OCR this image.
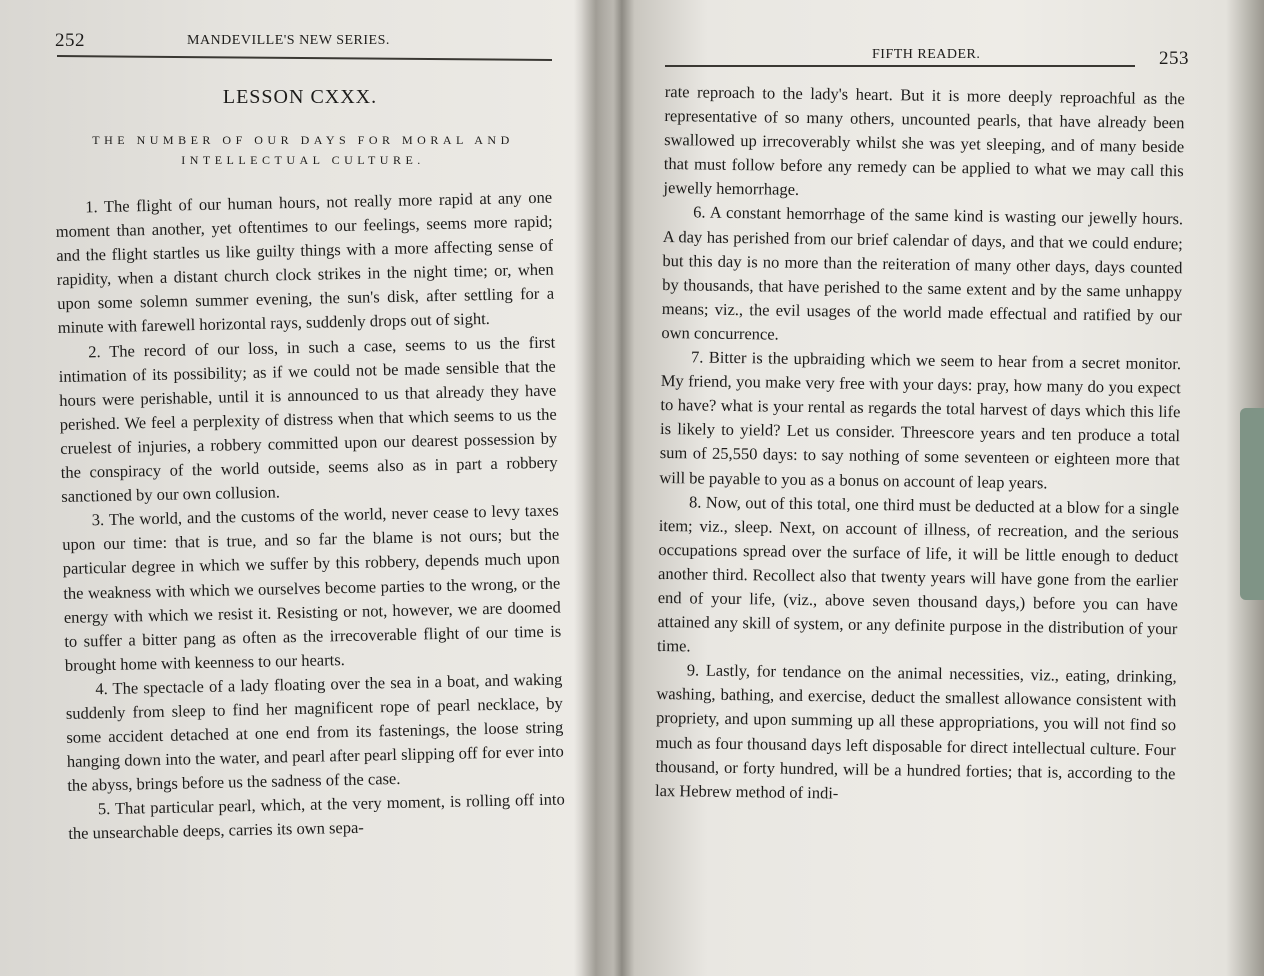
252	MANDEVILLE'S NEW SERIES.
LESSON CXXX.
THE NUMBER OF OUR DAYS FOR MORAL AND
INTELLECTUAL CULTURE.

1. The flight of our human hours, not really more rapid at any one moment than another, yet oftentimes to our feelings, seems more rapid; and the flight startles us like guilty things with a more affecting sense of rapidity, when a distant church clock strikes in the night time; or, when upon some solemn summer evening, the sun's disk, after settling for a minute with farewell horizontal rays, suddenly drops out of sight.

2. The record of our loss, in such a case, seems to us the first intimation of its possibility; as if we could not be made sensible that the hours were perishable, until it is announced to us that already they have perished. We feel a perplexity of distress when that which seems to us the cruelest of injuries, a robbery committed upon our dearest possession by the conspiracy of the world outside, seems also as in part a robbery sanctioned by our own collusion.

3. The world, and the customs of the world, never cease to levy taxes upon our time: that is true, and so far the blame is not ours; but the particular degree in which we suffer by this robbery, depends much upon the weakness with which we ourselves become parties to the wrong, or the energy with which we resist it. Resisting or not, however, we are doomed to suffer a bitter pang as often as the irrecoverable flight of our time is brought home with keenness to our hearts.

4. The spectacle of a lady floating over the sea in a boat, and waking suddenly from sleep to find her magnificent rope of pearl necklace, by some accident detached at one end from its fastenings, the loose string hanging down into the water, and pearl after pearl slipping off for ever into the abyss, brings before us the sadness of the case.

5. That particular pearl, which, at the very moment, is rolling off into the unsearchable deeps, carries its own sepa-

FIFTH READER.	253

rate reproach to the lady's heart. But it is more deeply reproachful as the representative of so many others, uncounted pearls, that have already been swallowed up irrecoverably whilst she was yet sleeping, and of many beside that must follow before any remedy can be applied to what we may call this jewelly hemorrhage.

6. A constant hemorrhage of the same kind is wasting our jewelly hours. A day has perished from our brief calendar of days, and that we could endure; but this day is no more than the reiteration of many other days, days counted by thousands, that have perished to the same extent and by the same unhappy means; viz., the evil usages of the world made effectual and ratified by our own concurrence.

7. Bitter is the upbraiding which we seem to hear from a secret monitor. My friend, you make very free with your days: pray, how many do you expect to have? what is your rental as regards the total harvest of days which this life is likely to yield? Let us consider. Threescore years and ten produce a total sum of 25,550 days: to say nothing of some seventeen or eighteen more that will be payable to you as a bonus on account of leap years.

8. Now, out of this total, one third must be deducted at a blow for a single item; viz., sleep. Next, on account of illness, of recreation, and the serious occupations spread over the surface of life, it will be little enough to deduct another third. Recollect also that twenty years will have gone from the earlier end of your life, (viz., above seven thousand days,) before you can have attained any skill of system, or any definite purpose in the distribution of your time.

9. Lastly, for tendance on the animal necessities, viz., eating, drinking, washing, bathing, and exercise, deduct the smallest allowance consistent with propriety, and upon summing up all these appropriations, you will not find so much as four thousand days left disposable for direct intellectual culture. Four thousand, or forty hundred, will be a hundred forties; that is, according to the lax Hebrew method of indi-
